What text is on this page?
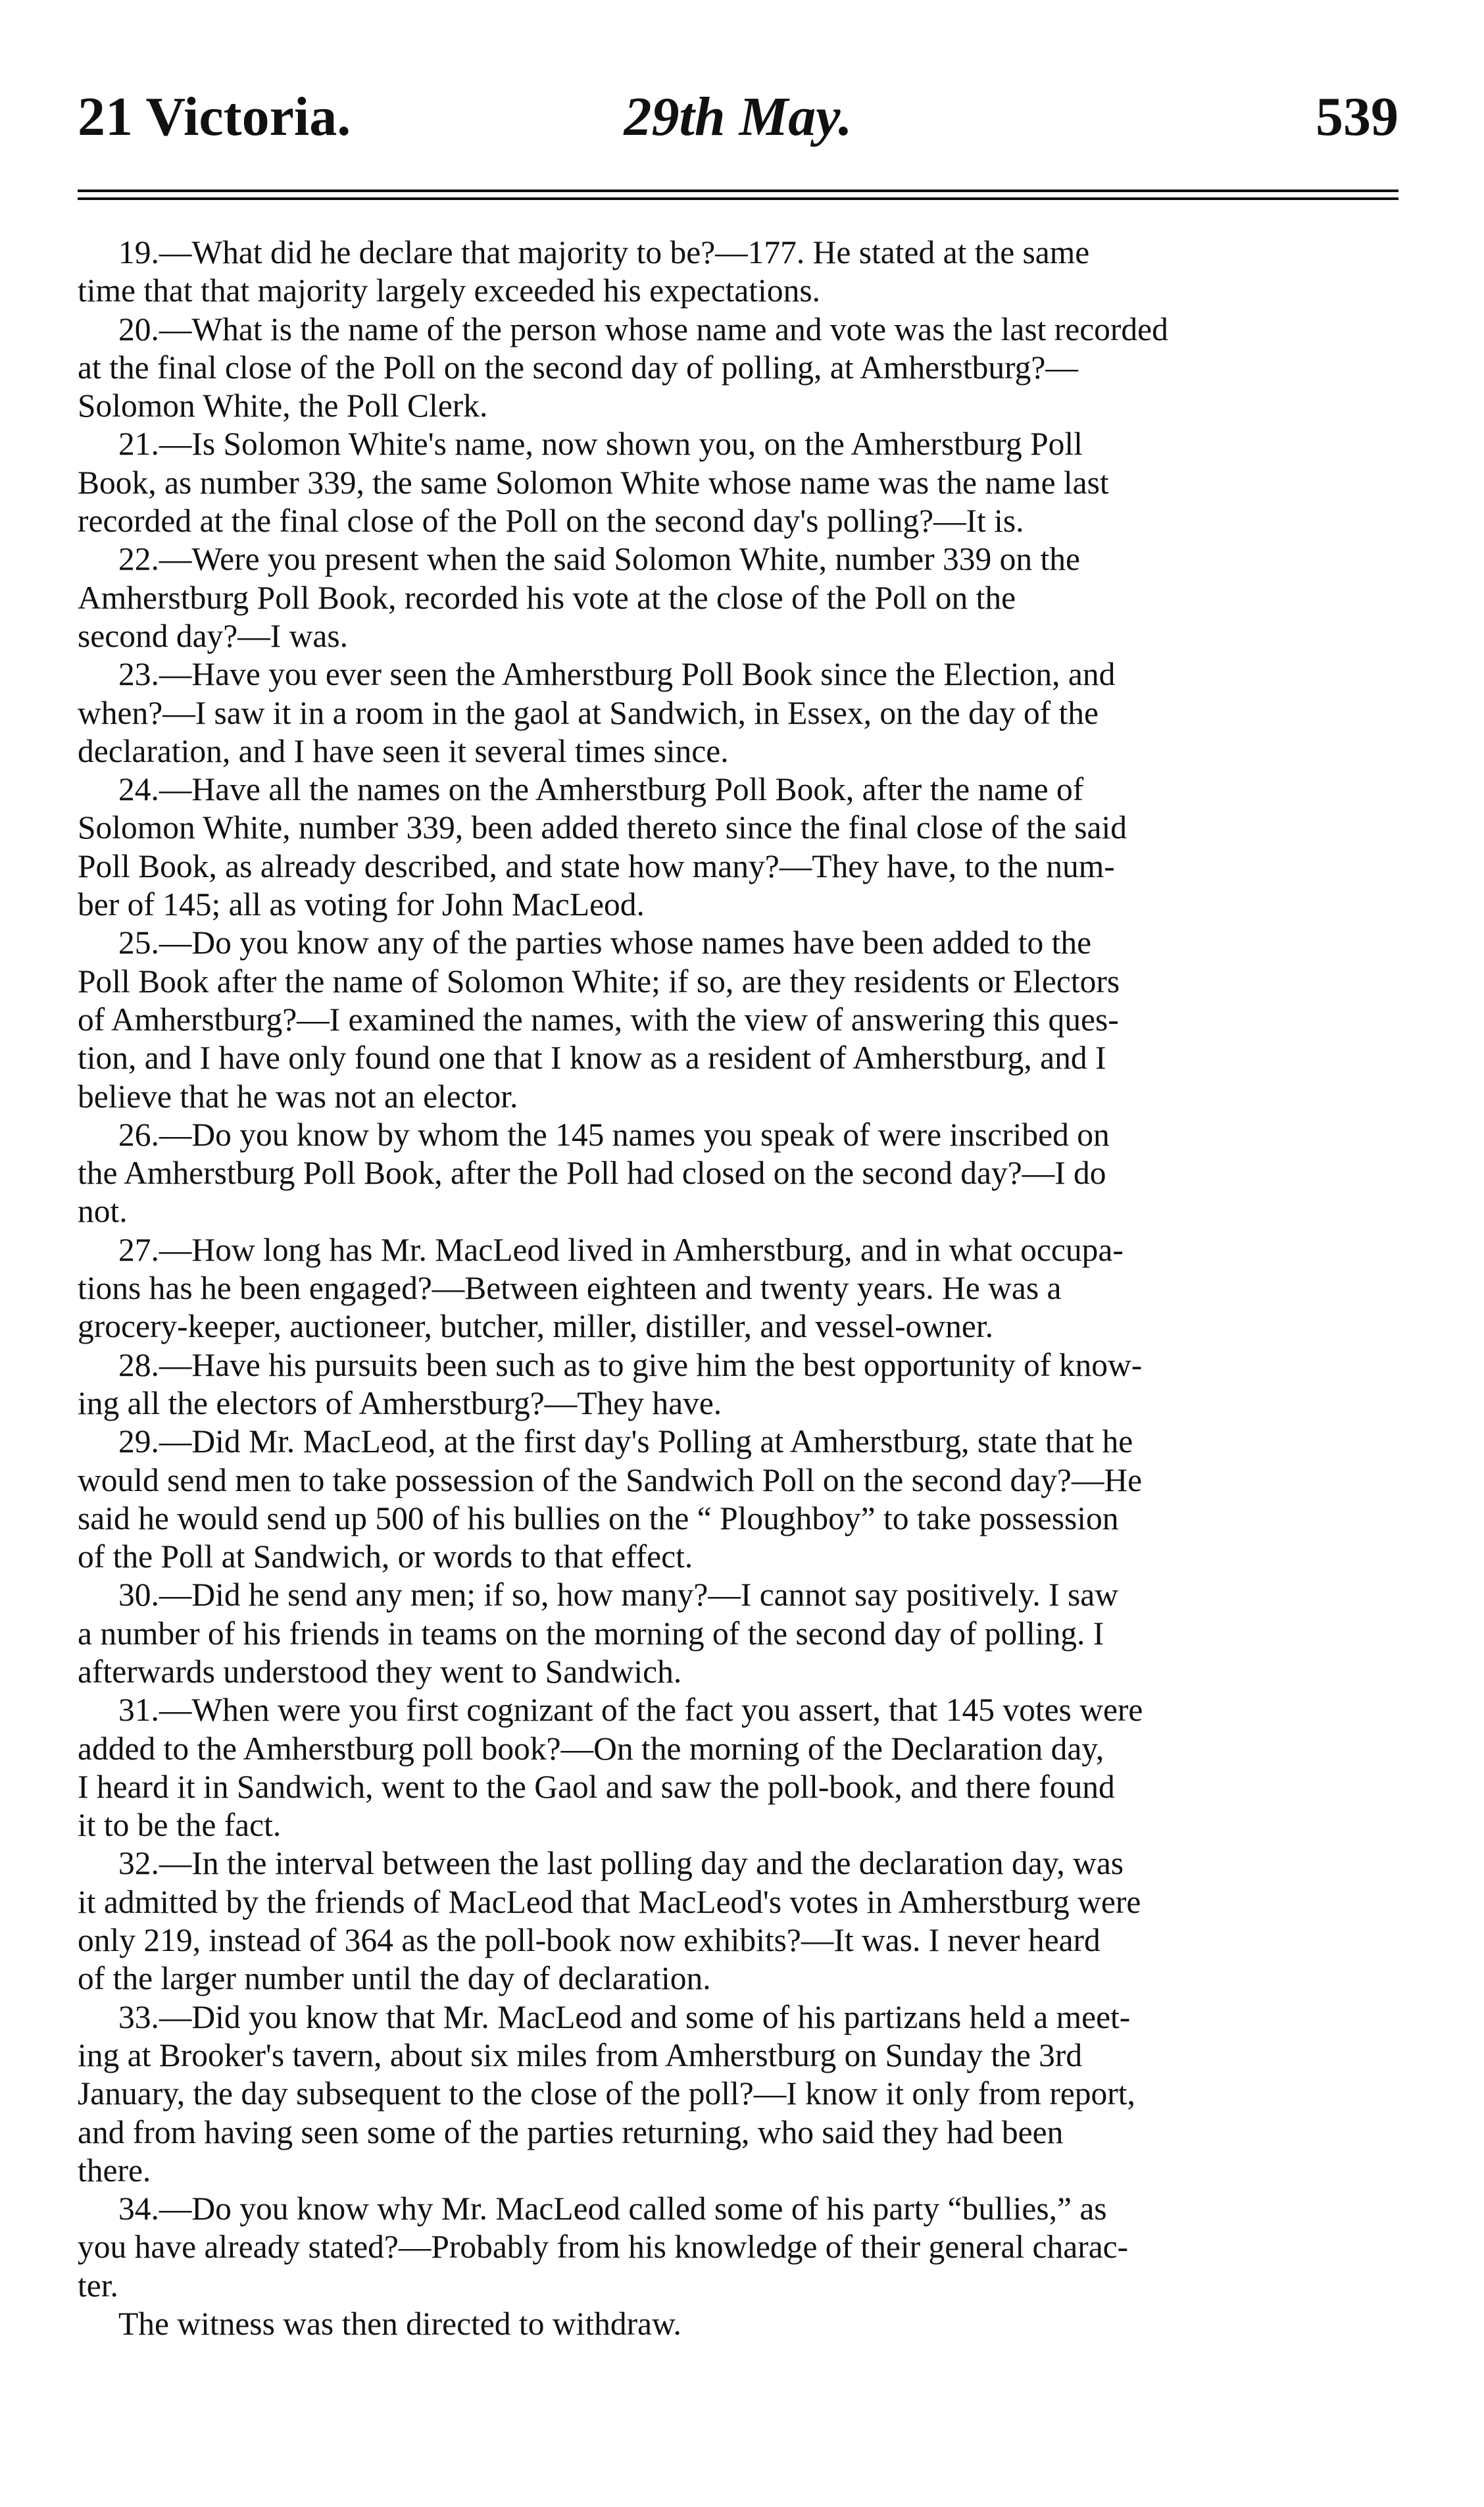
21 Victoria.	29th May.	539
19.—What did he declare that majority to be?—177. He stated at the same
time that that majority largely exceeded his expectations.
20.—What is the name of the person whose name and vote was the last recorded
at the final close of the Poll on the second day of polling, at Amherstburg?—
Solomon White, the Poll Clerk.
21.—Is Solomon White's name, now shown you, on the Amherstburg Poll
Book, as number 339, the same Solomon White whose name was the name last
recorded at the final close of the Poll on the second day's polling?—It is.
22.—Were you present when the said Solomon White, number 339 on the
Amherstburg Poll Book, recorded his vote at the close of the Poll on the
second day?—I was.
23.—Have you ever seen the Amherstburg Poll Book since the Election, and
when?—I saw it in a room in the gaol at Sandwich, in Essex, on the day of the
declaration, and I have seen it several times since.
24.—Have all the names on the Amherstburg Poll Book, after the name of
Solomon White, number 339, been added thereto since the final close of the said
Poll Book, as already described, and state how many?—They have, to the num-
ber of 145; all as voting for John MacLeod.
25.—Do you know any of the parties whose names have been added to the
Poll Book after the name of Solomon White; if so, are they residents or Electors
of Amherstburg?—I examined the names, with the view of answering this ques-
tion, and I have only found one that I know as a resident of Amherstburg, and I
believe that he was not an elector.
26.—Do you know by whom the 145 names you speak of were inscribed on
the Amherstburg Poll Book, after the Poll had closed on the second day?—I do
not.
27.—How long has Mr. MacLeod lived in Amherstburg, and in what occupa-
tions has he been engaged?—Between eighteen and twenty years. He was a
grocery-keeper, auctioneer, butcher, miller, distiller, and vessel-owner.
28.—Have his pursuits been such as to give him the best opportunity of know-
ing all the electors of Amherstburg?—They have.
29.—Did Mr. MacLeod, at the first day's Polling at Amherstburg, state that he
would send men to take possession of the Sandwich Poll on the second day?—He
said he would send up 500 of his bullies on the “ Ploughboy” to take possession
of the Poll at Sandwich, or words to that effect.
30.—Did he send any men; if so, how many?—I cannot say positively. I saw
a number of his friends in teams on the morning of the second day of polling. I
afterwards understood they went to Sandwich.
31.—When were you first cognizant of the fact you assert, that 145 votes were
added to the Amherstburg poll book?—On the morning of the Declaration day,
I heard it in Sandwich, went to the Gaol and saw the poll-book, and there found
it to be the fact.
32.—In the interval between the last polling day and the declaration day, was
it admitted by the friends of MacLeod that MacLeod's votes in Amherstburg were
only 219, instead of 364 as the poll-book now exhibits?—It was. I never heard
of the larger number until the day of declaration.
33.—Did you know that Mr. MacLeod and some of his partizans held a meet-
ing at Brooker's tavern, about six miles from Amherstburg on Sunday the 3rd
January, the day subsequent to the close of the poll?—I know it only from report,
and from having seen some of the parties returning, who said they had been
there.
34.—Do you know why Mr. MacLeod called some of his party “bullies,” as
you have already stated?—Probably from his knowledge of their general charac-
ter.
The witness was then directed to withdraw.
